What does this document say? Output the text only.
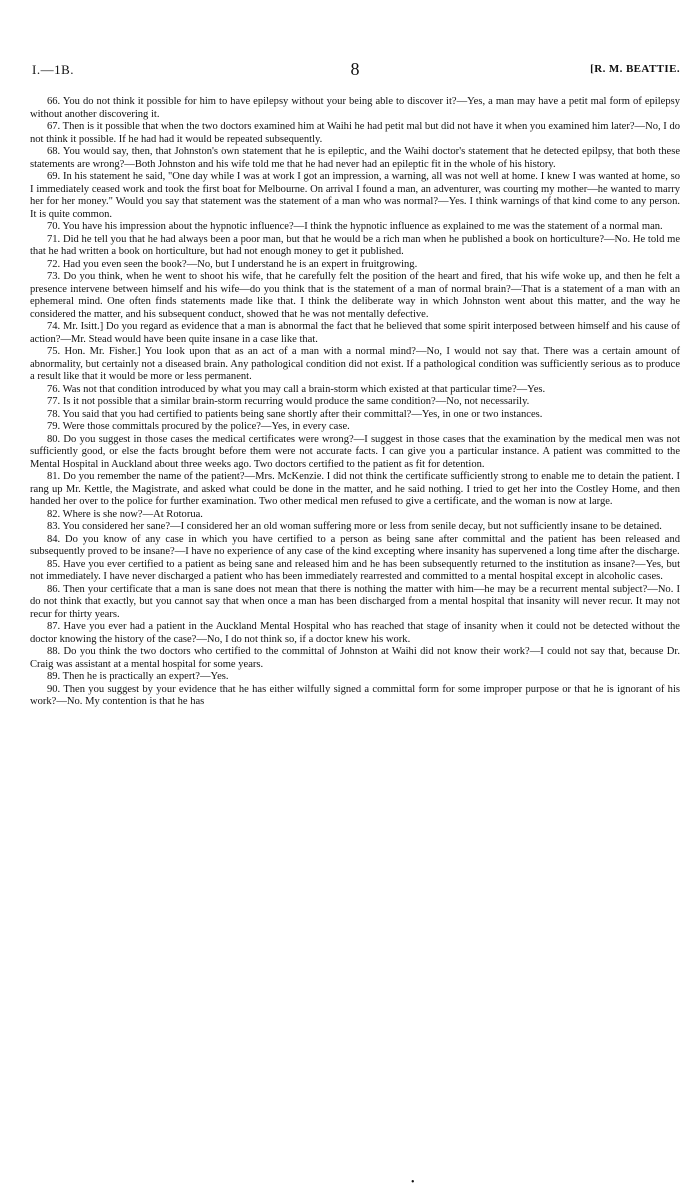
I.—1B.	8	[R. M. BEATTIE.

66. You do not think it possible for him to have epilepsy without your being able to discover it?—Yes, a man may have a petit mal form of epilepsy without another discovering it.

67. Then is it possible that when the two doctors examined him at Waihi he had petit mal but did not have it when you examined him later?—No, I do not think it possible. If he had had it would be repeated subsequently.

68. You would say, then, that Johnston's own statement that he is epileptic, and the Waihi doctor's statement that he detected epilpsy, that both these statements are wrong?—Both Johnston and his wife told me that he had never had an epileptic fit in the whole of his history.

69. In his statement he said, "One day while I was at work I got an impression, a warning, all was not well at home. I knew I was wanted at home, so I immediately ceased work and took the first boat for Melbourne. On arrival I found a man, an adventurer, was courting my mother—he wanted to marry her for her money." Would you say that statement was the statement of a man who was normal?—Yes. I think warnings of that kind come to any person. It is quite common.

70. You have his impression about the hypnotic influence?—I think the hypnotic influence as explained to me was the statement of a normal man.

71. Did he tell you that he had always been a poor man, but that he would be a rich man when he published a book on horticulture?—No. He told me that he had written a book on horticulture, but had not enough money to get it published.

72. Had you even seen the book?—No, but I understand he is an expert in fruitgrowing.

73. Do you think, when he went to shoot his wife, that he carefully felt the position of the heart and fired, that his wife woke up, and then he felt a presence intervene between himself and his wife—do you think that is the statement of a man of normal brain?—That is a statement of a man with an ephemeral mind. One often finds statements made like that. I think the deliberate way in which Johnston went about this matter, and the way he considered the matter, and his subsequent conduct, showed that he was not mentally defective.

74. Mr. Isitt.] Do you regard as evidence that a man is abnormal the fact that he believed that some spirit interposed between himself and his cause of action?—Mr. Stead would have been quite insane in a case like that.

75. Hon. Mr. Fisher.] You look upon that as an act of a man with a normal mind?—No, I would not say that. There was a certain amount of abnormality, but certainly not a diseased brain. Any pathological condition did not exist. If a pathological condition was sufficiently serious as to produce a result like that it would be more or less permanent.

76. Was not that condition introduced by what you may call a brain-storm which existed at that particular time?—Yes.

77. Is it not possible that a similar brain-storm recurring would produce the same condition?—No, not necessarily.

78. You said that you had certified to patients being sane shortly after their committal?—Yes, in one or two instances.

79. Were those committals procured by the police?—Yes, in every case.

80. Do you suggest in those cases the medical certificates were wrong?—I suggest in those cases that the examination by the medical men was not sufficiently good, or else the facts brought before them were not accurate facts. I can give you a particular instance. A patient was committed to the Mental Hospital in Auckland about three weeks ago. Two doctors certified to the patient as fit for detention.

81. Do you remember the name of the patient?—Mrs. McKenzie. I did not think the certificate sufficiently strong to enable me to detain the patient. I rang up Mr. Kettle, the Magistrate, and asked what could be done in the matter, and he said nothing. I tried to get her into the Costley Home, and then handed her over to the police for further examination. Two other medical men refused to give a certificate, and the woman is now at large.

82. Where is she now?—At Rotorua.

83. You considered her sane?—I considered her an old woman suffering more or less from senile decay, but not sufficiently insane to be detained.

84. Do you know of any case in which you have certified to a person as being sane after committal and the patient has been released and subsequently proved to be insane?—I have no experience of any case of the kind excepting where insanity has supervened a long time after the discharge.

85. Have you ever certified to a patient as being sane and released him and he has been subsequently returned to the institution as insane?—Yes, but not immediately. I have never discharged a patient who has been immediately rearrested and committed to a mental hospital except in alcoholic cases.

86. Then your certificate that a man is sane does not mean that there is nothing the matter with him—he may be a recurrent mental subject?—No. I do not think that exactly, but you cannot say that when once a man has been discharged from a mental hospital that insanity will never recur. It may not recur for thirty years.

87. Have you ever had a patient in the Auckland Mental Hospital who has reached that stage of insanity when it could not be detected without the doctor knowing the history of the case?—No, I do not think so, if a doctor knew his work.

88. Do you think the two doctors who certified to the committal of Johnston at Waihi did not know their work?—I could not say that, because Dr. Craig was assistant at a mental hospital for some years.

89. Then he is practically an expert?—Yes.

90. Then you suggest by your evidence that he has either wilfully signed a committal form for some improper purpose or that he is ignorant of his work?—No. My contention is that he has

•
